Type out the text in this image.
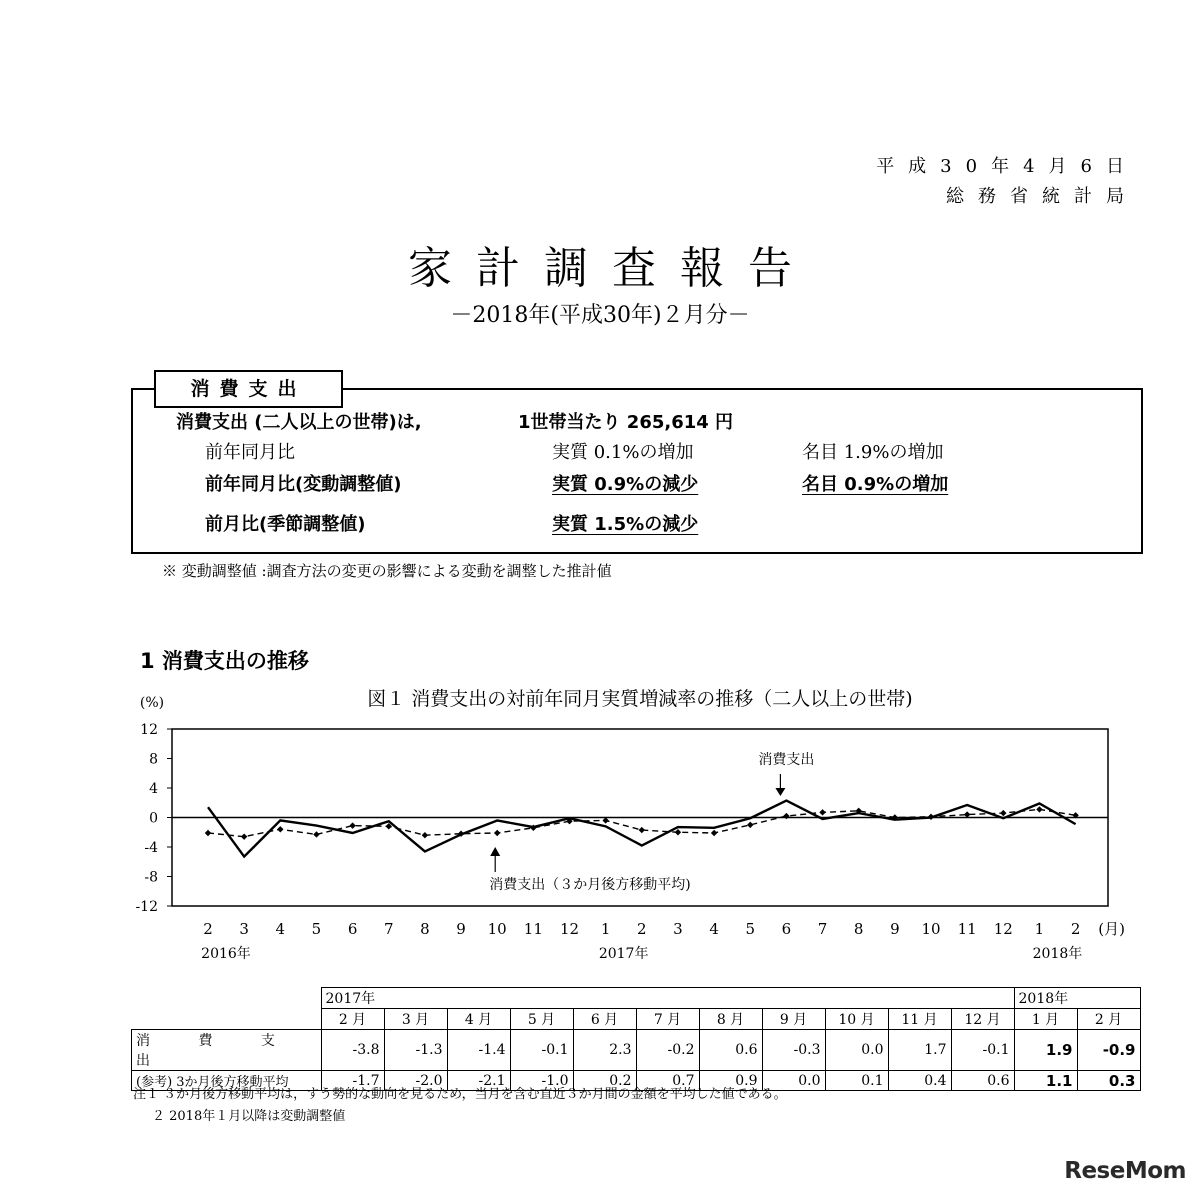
平成30年4月6日
総務省統計局
家計調査報告
－2018年(平成30年)２月分－
消費支出
消費支出 (二人以上の世帯)は,	1世帯当たり 265,614 円
前年同月比	実質 0.1%の増加	名目 1.9%の増加
前年同月比(変動調整値)	実質 0.9%の減少	名目 0.9%の増加
前月比(季節調整値)	実質 1.5%の減少
※ 変動調整値 :調査方法の変更の影響による変動を調整した推計値
1 消費支出の推移
図１ 消費支出の対前年同月実質増減率の推移（二人以上の世帯)
12
8
4
0
-4
-8
-12
(%)
2 3 4 5 6 7 8 9 10 11 12 1 2 3 4 5 6 7 8 9 10 11 12 1 2 (月)
2016年	2017年	2018年
消費支出
消費支出（３か月後方移動平均)
	2017年											2018年	
	2 月	3 月	4 月	5 月	6 月	7 月	8 月	9 月	10 月	11 月	12 月	1 月	2 月
消 費 支 出	-3.8	-1.3	-1.4	-0.1	2.3	-0.2	0.6	-0.3	0.0	1.7	-0.1	1.9	-0.9
(参考) 3か月後方移動平均	-1.7	-2.0	-2.1	-1.0	0.2	0.7	0.9	0.0	0.1	0.4	0.6	1.1	0.3
注１ ３か月後方移動平均は，すう勢的な動向を見るため，当月を含む直近３か月間の金額を平均した値である。
２ 2018年１月以降は変動調整値
ReseMom
